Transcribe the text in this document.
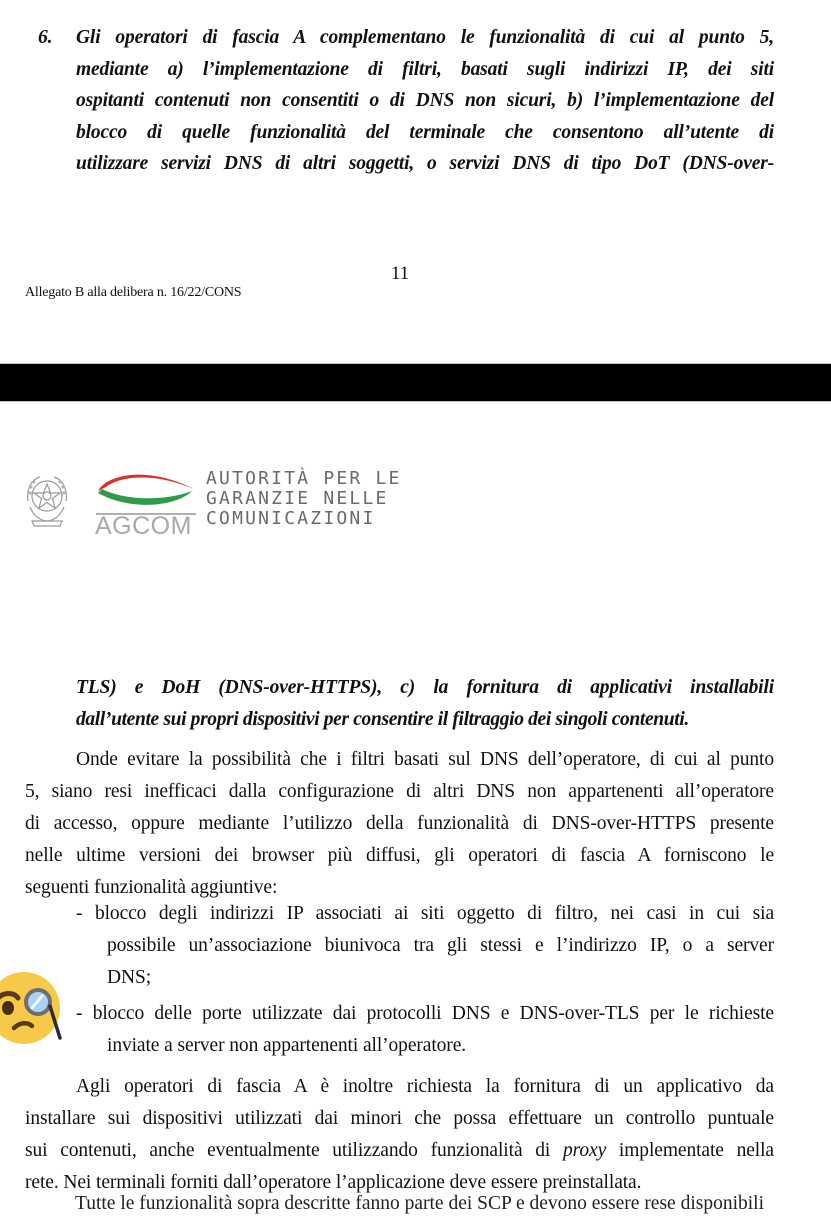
6.	Gli operatori di fascia A complementano le funzionalità di cui al punto 5,
mediante a) l’implementazione di filtri, basati sugli indirizzi IP, dei siti
ospitanti contenuti non consentiti o di DNS non sicuri, b) l’implementazione del
blocco di quelle funzionalità del terminale che consentono all’utente di
utilizzare servizi DNS di altri soggetti, o servizi DNS di tipo DoT (DNS-over-
11
Allegato B alla delibera n. 16/22/CONS
AGCOM
AUTORITÀ PER LE
GARANZIE NELLE
COMUNICAZIONI
TLS) e DoH (DNS-over-HTTPS), c) la fornitura di applicativi installabili
dall’utente sui propri dispositivi per consentire il filtraggio dei singoli contenuti.
Onde evitare la possibilità che i filtri basati sul DNS dell’operatore, di cui al punto
5, siano resi inefficaci dalla configurazione di altri DNS non appartenenti all’operatore
di accesso, oppure mediante l’utilizzo della funzionalità di DNS-over-HTTPS presente
nelle ultime versioni dei browser più diffusi, gli operatori di fascia A forniscono le
seguenti funzionalità aggiuntive:
- blocco degli indirizzi IP associati ai siti oggetto di filtro, nei casi in cui sia
possibile un’associazione biunivoca tra gli stessi e l’indirizzo IP, o a server
DNS;
- blocco delle porte utilizzate dai protocolli DNS e DNS-over-TLS per le richieste
inviate a server non appartenenti all’operatore.
Agli operatori di fascia A è inoltre richiesta la fornitura di un applicativo da
installare sui dispositivi utilizzati dai minori che possa effettuare un controllo puntuale
sui contenuti, anche eventualmente utilizzando funzionalità di proxy implementate nella
rete. Nei terminali forniti dall’operatore l’applicazione deve essere preinstallata.
Tutte le funzionalità sopra descritte fanno parte dei SCP e devono essere rese disponibili
